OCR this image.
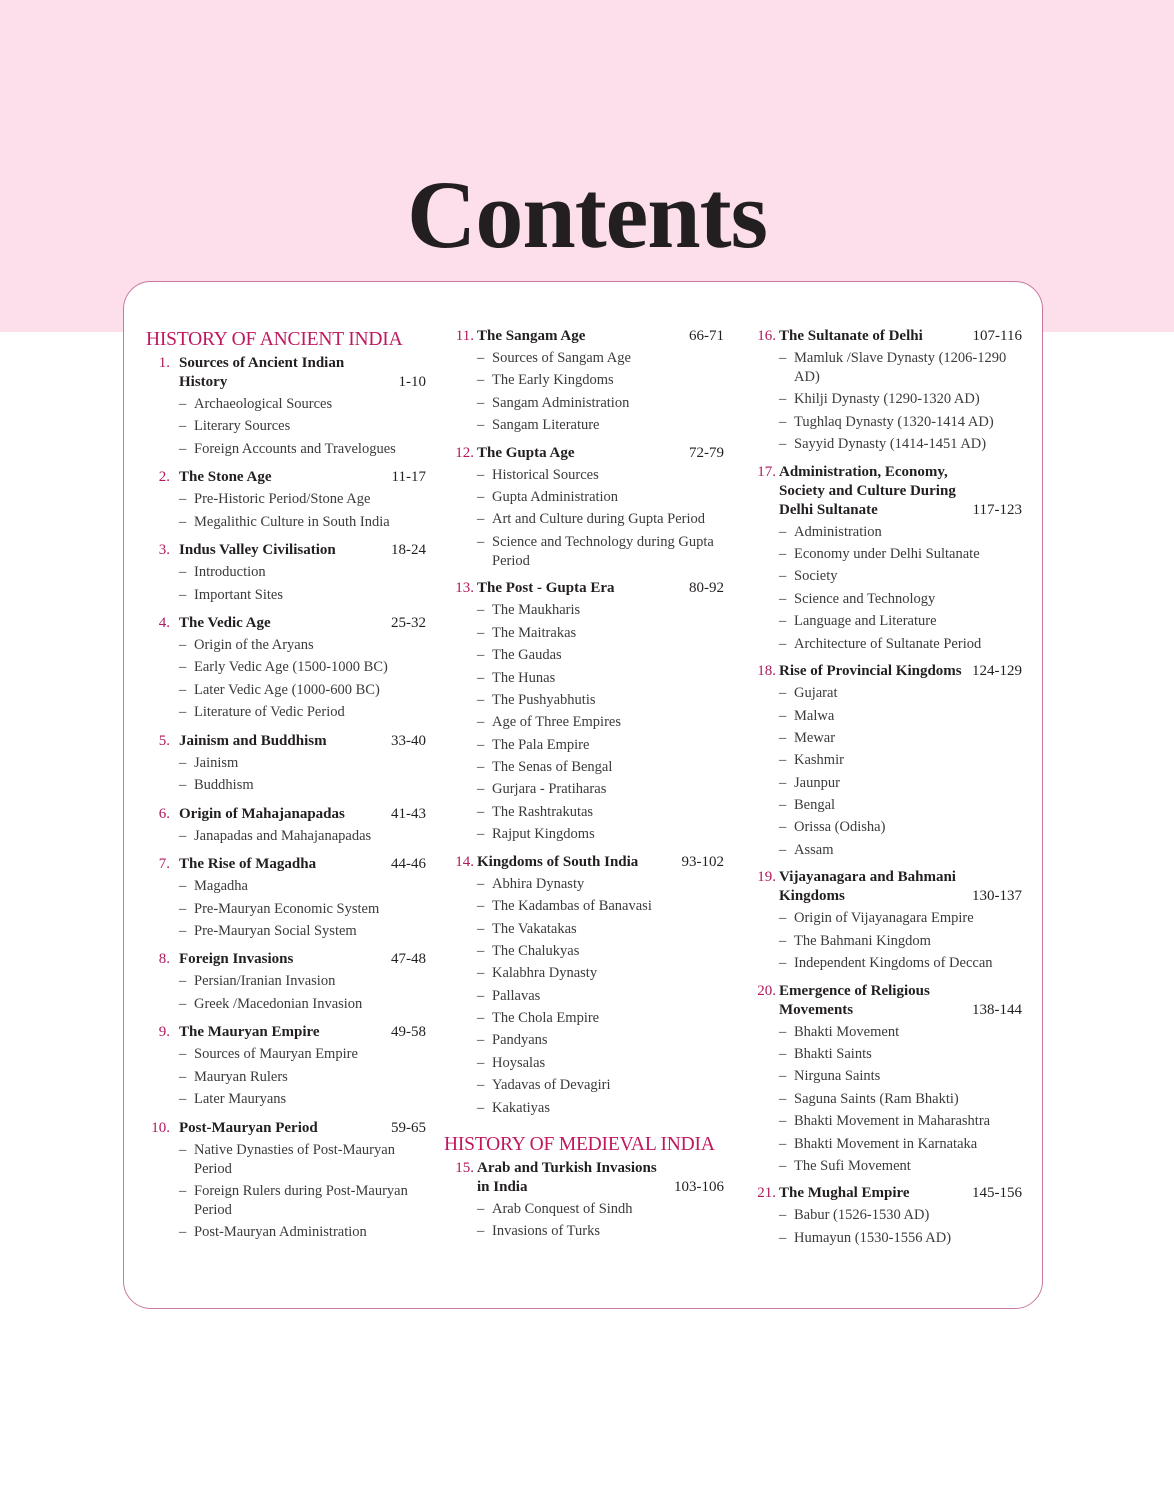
Contents
HISTORY OF ANCIENT INDIA
1. Sources of Ancient Indian History	1-10
– Archaeological Sources
– Literary Sources
– Foreign Accounts and Travelogues
2. The Stone Age	11-17
– Pre-Historic Period/Stone Age
– Megalithic Culture in South India
3. Indus Valley Civilisation	18-24
– Introduction
– Important Sites
4. The Vedic Age	25-32
– Origin of the Aryans
– Early Vedic Age (1500-1000 BC)
– Later Vedic Age (1000-600 BC)
– Literature of Vedic Period
5. Jainism and Buddhism	33-40
– Jainism
– Buddhism
6. Origin of Mahajanapadas	41-43
– Janapadas and Mahajanapadas
7. The Rise of Magadha	44-46
– Magadha
– Pre-Mauryan Economic System
– Pre-Mauryan Social System
8. Foreign Invasions	47-48
– Persian/Iranian Invasion
– Greek /Macedonian Invasion
9. The Mauryan Empire	49-58
– Sources of Mauryan Empire
– Mauryan Rulers
– Later Mauryans
10. Post-Mauryan Period	59-65
– Native Dynasties of Post-Mauryan Period
– Foreign Rulers during Post-Mauryan Period
– Post-Mauryan Administration
11. The Sangam Age	66-71
– Sources of Sangam Age
– The Early Kingdoms
– Sangam Administration
– Sangam Literature
12. The Gupta Age	72-79
– Historical Sources
– Gupta Administration
– Art and Culture during Gupta Period
– Science and Technology during Gupta Period
13. The Post - Gupta Era	80-92
– The Maukharis
– The Maitrakas
– The Gaudas
– The Hunas
– The Pushyabhutis
– Age of Three Empires
– The Pala Empire
– The Senas of Bengal
– Gurjara - Pratiharas
– The Rashtrakutas
– Rajput Kingdoms
14. Kingdoms of South India	93-102
– Abhira Dynasty
– The Kadambas of Banavasi
– The Vakatakas
– The Chalukyas
– Kalabhra Dynasty
– Pallavas
– The Chola Empire
– Pandyans
– Hoysalas
– Yadavas of Devagiri
– Kakatiyas
HISTORY OF MEDIEVAL INDIA
15. Arab and Turkish Invasions in India	103-106
– Arab Conquest of Sindh
– Invasions of Turks
16. The Sultanate of Delhi	107-116
– Mamluk /Slave Dynasty (1206-1290 AD)
– Khilji Dynasty (1290-1320 AD)
– Tughlaq Dynasty (1320-1414 AD)
– Sayyid Dynasty (1414-1451 AD)
17. Administration, Economy, Society and Culture During Delhi Sultanate	117-123
– Administration
– Economy under Delhi Sultanate
– Society
– Science and Technology
– Language and Literature
– Architecture of Sultanate Period
18. Rise of Provincial Kingdoms 124-129
– Gujarat
– Malwa
– Mewar
– Kashmir
– Jaunpur
– Bengal
– Orissa (Odisha)
– Assam
19. Vijayanagara and Bahmani Kingdoms	130-137
– Origin of Vijayanagara Empire
– The Bahmani Kingdom
– Independent Kingdoms of Deccan
20. Emergence of Religious Movements	138-144
– Bhakti Movement
– Bhakti Saints
– Nirguna Saints
– Saguna Saints (Ram Bhakti)
– Bhakti Movement in Maharashtra
– Bhakti Movement in Karnataka
– The Sufi Movement
21. The Mughal Empire	145-156
– Babur (1526-1530 AD)
– Humayun (1530-1556 AD)
